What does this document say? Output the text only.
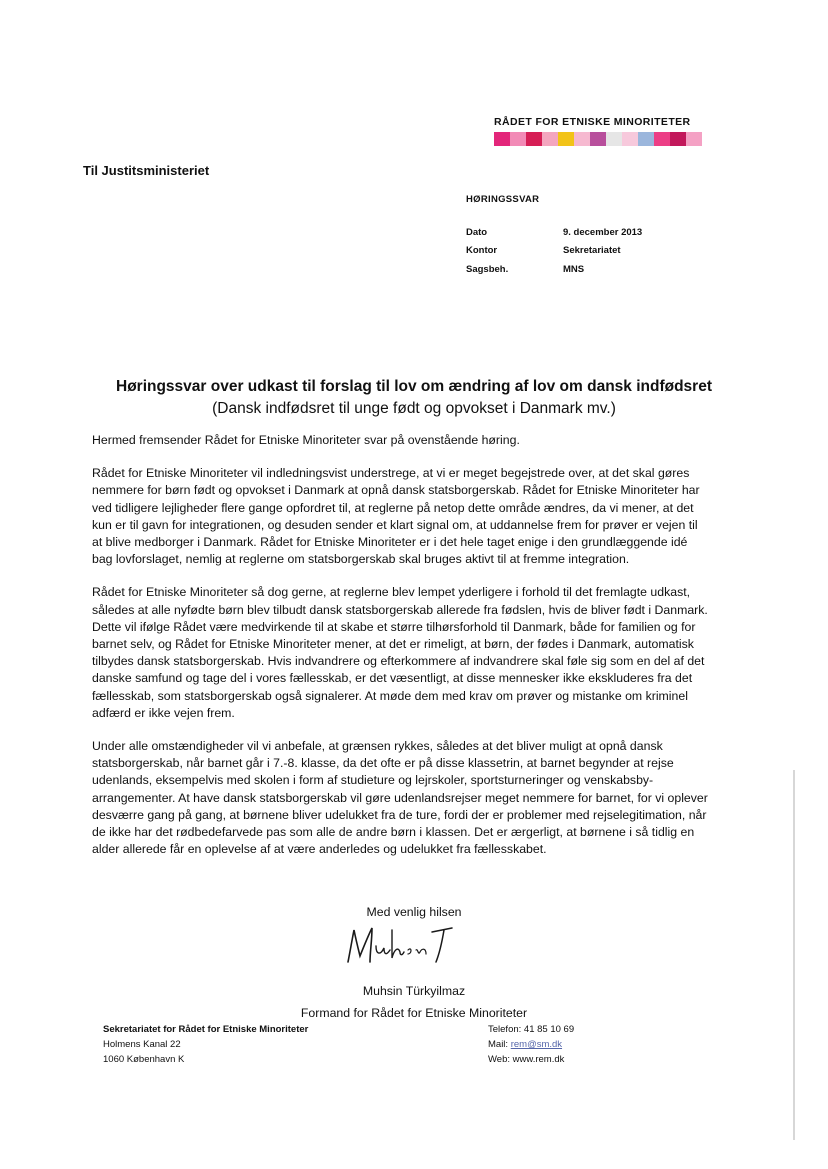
RÅDET FOR ETNISKE MINORITETER
Til Justitsministeriet
HØRINGSSVAR
Dato	9. december 2013
Kontor	Sekretariatet
Sagsbeh.	MNS
Høringssvar over udkast til forslag til lov om ændring af lov om dansk indfødsret
(Dansk indfødsret til unge født og opvokset i Danmark mv.)

Hermed fremsender Rådet for Etniske Minoriteter svar på ovenstående høring.

Rådet for Etniske Minoriteter vil indledningsvist understrege, at vi er meget begejstrede over, at det skal gøres nemmere for børn født og opvokset i Danmark at opnå dansk statsborgerskab. Rådet for Etniske Minoriteter har ved tidligere lejligheder flere gange opfordret til, at reglerne på netop dette område ændres, da vi mener, at det kun er til gavn for integrationen, og desuden sender et klart signal om, at uddannelse frem for prøver er vejen til at blive medborger i Danmark. Rådet for Etniske Minoriteter er i det hele taget enige i den grundlæggende idé bag lovforslaget, nemlig at reglerne om statsborgerskab skal bruges aktivt til at fremme integration.

Rådet for Etniske Minoriteter så dog gerne, at reglerne blev lempet yderligere i forhold til det fremlagte udkast, således at alle nyfødte børn blev tilbudt dansk statsborgerskab allerede fra fødslen, hvis de bliver født i Danmark. Dette vil ifølge Rådet være medvirkende til at skabe et større tilhørsforhold til Danmark, både for familien og for barnet selv, og Rådet for Etniske Minoriteter mener, at det er rimeligt, at børn, der fødes i Danmark, automatisk tilbydes dansk statsborgerskab. Hvis indvandrere og efterkommere af indvandrere skal føle sig som en del af det danske samfund og tage del i vores fællesskab, er det væsentligt, at disse mennesker ikke ekskluderes fra det fællesskab, som statsborgerskab også signalerer. At møde dem med krav om prøver og mistanke om kriminel adfærd er ikke vejen frem.

Under alle omstændigheder vil vi anbefale, at grænsen rykkes, således at det bliver muligt at opnå dansk statsborgerskab, når barnet går i 7.-8. klasse, da det ofte er på disse klassetrin, at barnet begynder at rejse udenlands, eksempelvis med skolen i form af studieture og lejrskoler, sportsturneringer og venskabsby-arrangementer. At have dansk statsborgerskab vil gøre udenlandsrejser meget nemmere for barnet, for vi oplever desværre gang på gang, at børnene bliver udelukket fra de ture, fordi der er problemer med rejselegitimation, når de ikke har det rødbedefarvede pas som alle de andre børn i klassen. Det er ærgerligt, at børnene i så tidlig en alder allerede får en oplevelse af at være anderledes og udelukket fra fællesskabet.

Med venlig hilsen
Muhsin Türkyilmaz
Formand for Rådet for Etniske Minoriteter
Sekretariatet for Rådet for Etniske Minoriteter
Holmens Kanal 22
1060 København K
Telefon: 41 85 10 69
Mail: rem@sm.dk
Web: www.rem.dk
